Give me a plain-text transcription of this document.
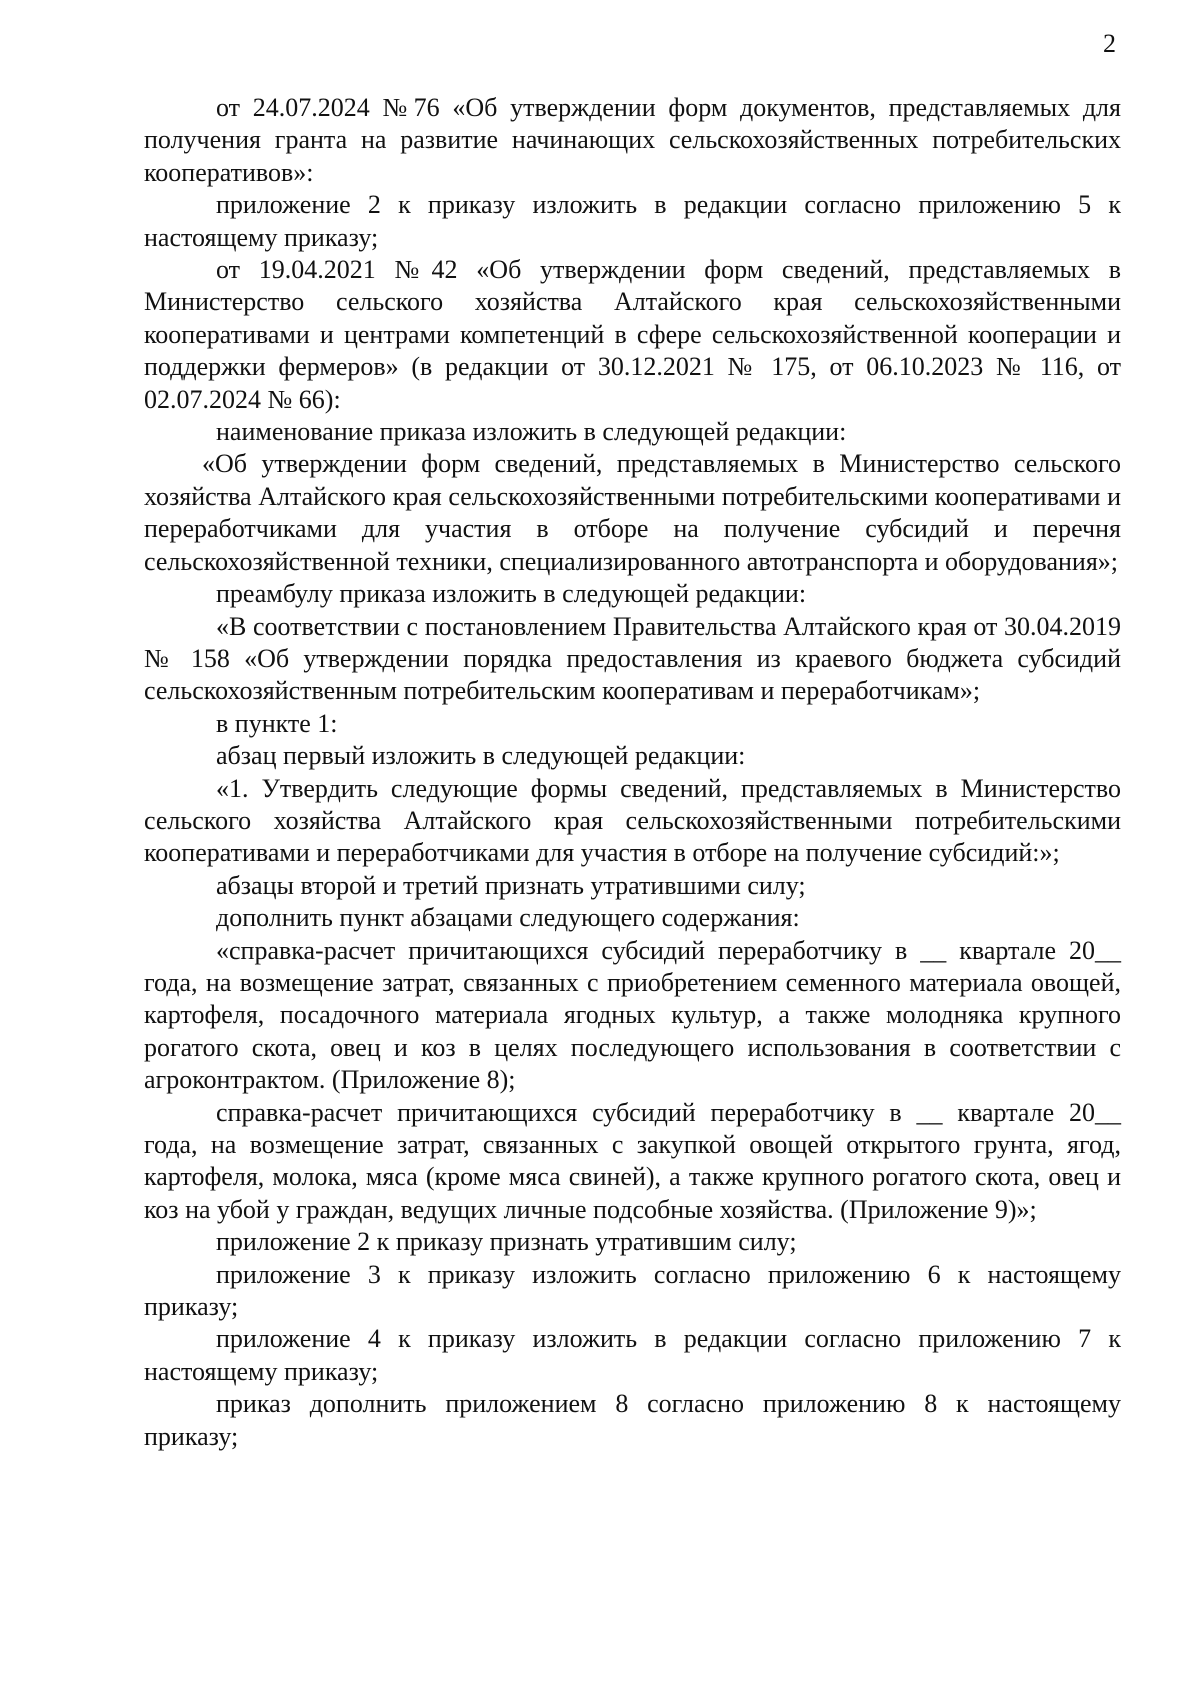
2

от 24.07.2024 №76 «Об утверждении форм документов, представляемых для получения гранта на развитие начинающих сельскохозяйственных потребительских кооперативов»:

приложение 2 к приказу изложить в редакции согласно приложению 5 к настоящему приказу;

от 19.04.2021 №42 «Об утверждении форм сведений, представляемых в Министерство сельского хозяйства Алтайского края сельскохозяйственными кооперативами и центрами компетенций в сфере сельскохозяйственной кооперации и поддержки фермеров» (в редакции от 30.12.2021 № 175, от 06.10.2023 № 116, от 02.07.2024 № 66):

наименование приказа изложить в следующей редакции:

«Об утверждении форм сведений, представляемых в Министерство сельского хозяйства Алтайского края сельскохозяйственными потребительскими кооперативами и переработчиками для участия в отборе на получение субсидий и перечня сельскохозяйственной техники, специализированного автотранспорта и оборудования»;

преамбулу приказа изложить в следующей редакции:

«В соответствии с постановлением Правительства Алтайского края от 30.04.2019 № 158 «Об утверждении порядка предоставления из краевого бюджета субсидий сельскохозяйственным потребительским кооперативам и переработчикам»;

в пункте 1:

абзац первый изложить в следующей редакции:

«1. Утвердить следующие формы сведений, представляемых в Министерство сельского хозяйства Алтайского края сельскохозяйственными потребительскими кооперативами и переработчиками для участия в отборе на получение субсидий:»;

абзацы второй и третий признать утратившими силу;

дополнить пункт абзацами следующего содержания:

«справка-расчет причитающихся субсидий переработчику в __ квартале 20__ года, на возмещение затрат, связанных с приобретением семенного материала овощей, картофеля, посадочного материала ягодных культур, а также молодняка крупного рогатого скота, овец и коз в целях последующего использования в соответствии с агроконтрактом. (Приложение 8);

справка-расчет причитающихся субсидий переработчику в __ квартале 20__ года, на возмещение затрат, связанных с закупкой овощей открытого грунта, ягод, картофеля, молока, мяса (кроме мяса свиней), а также крупного рогатого скота, овец и коз на убой у граждан, ведущих личные подсобные хозяйства. (Приложение 9)»;

приложение 2 к приказу признать утратившим силу;

приложение 3 к приказу изложить согласно приложению 6 к настоящему приказу;

приложение 4 к приказу изложить в редакции согласно приложению 7 к настоящему приказу;

приказ дополнить приложением 8 согласно приложению 8 к настоящему приказу;
